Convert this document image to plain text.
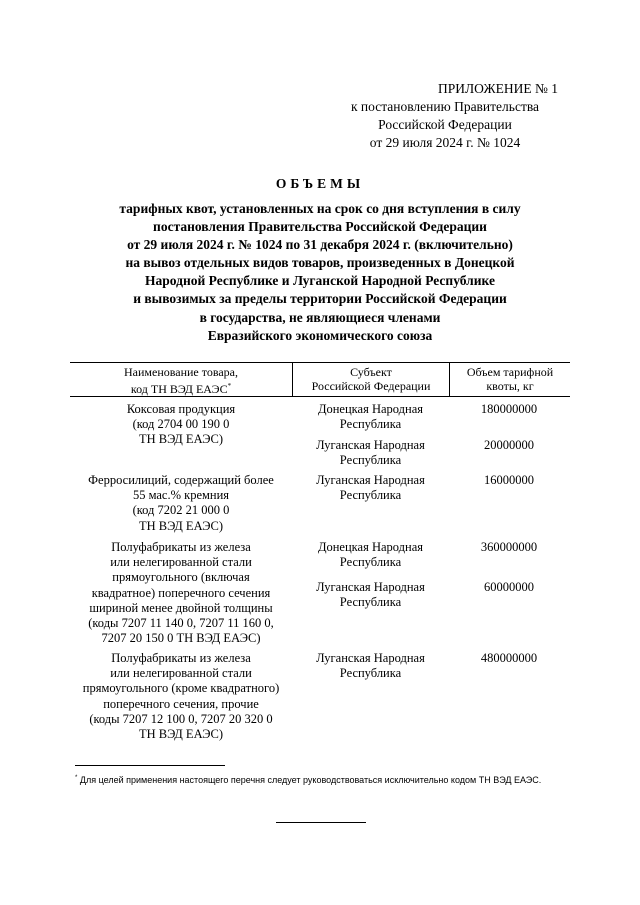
ПРИЛОЖЕНИЕ № 1
к постановлению Правительства
Российской Федерации
от 29 июля 2024 г. № 1024
ОБЪЕМЫ
тарифных квот, установленных на срок со дня вступления в силу
постановления Правительства Российской Федерации
от 29 июля 2024 г. № 1024 по 31 декабря 2024 г. (включительно)
на вывоз отдельных видов товаров, произведенных в Донецкой
Народной Республике и Луганской Народной Республике
и вывозимых за пределы территории Российской Федерации
в государства, не являющиеся членами
Евразийского экономического союза
Наименование товара,
код ТН ВЭД ЕАЭС*
Субъект
Российской Федерации
Объем тарифной
квоты, кг
Коксовая продукция
(код 2704 00 190 0
ТН ВЭД ЕАЭС)
Донецкая Народная
Республика
180000000
Луганская Народная
Республика
20000000
Ферросилиций, содержащий более
55 мас.% кремния
(код 7202 21 000 0
ТН ВЭД ЕАЭС)
Луганская Народная
Республика
16000000
Полуфабрикаты из железа
или нелегированной стали
прямоугольного (включая
квадратное) поперечного сечения
шириной менее двойной толщины
(коды 7207 11 140 0, 7207 11 160 0,
7207 20 150 0 ТН ВЭД ЕАЭС)
Донецкая Народная
Республика
360000000
Луганская Народная
Республика
60000000
Полуфабрикаты из железа
или нелегированной стали
прямоугольного (кроме квадратного)
поперечного сечения, прочие
(коды 7207 12 100 0, 7207 20 320 0
ТН ВЭД ЕАЭС)
Луганская Народная
Республика
480000000
* Для целей применения настоящего перечня следует руководствоваться исключительно кодом ТН ВЭД ЕАЭС.
